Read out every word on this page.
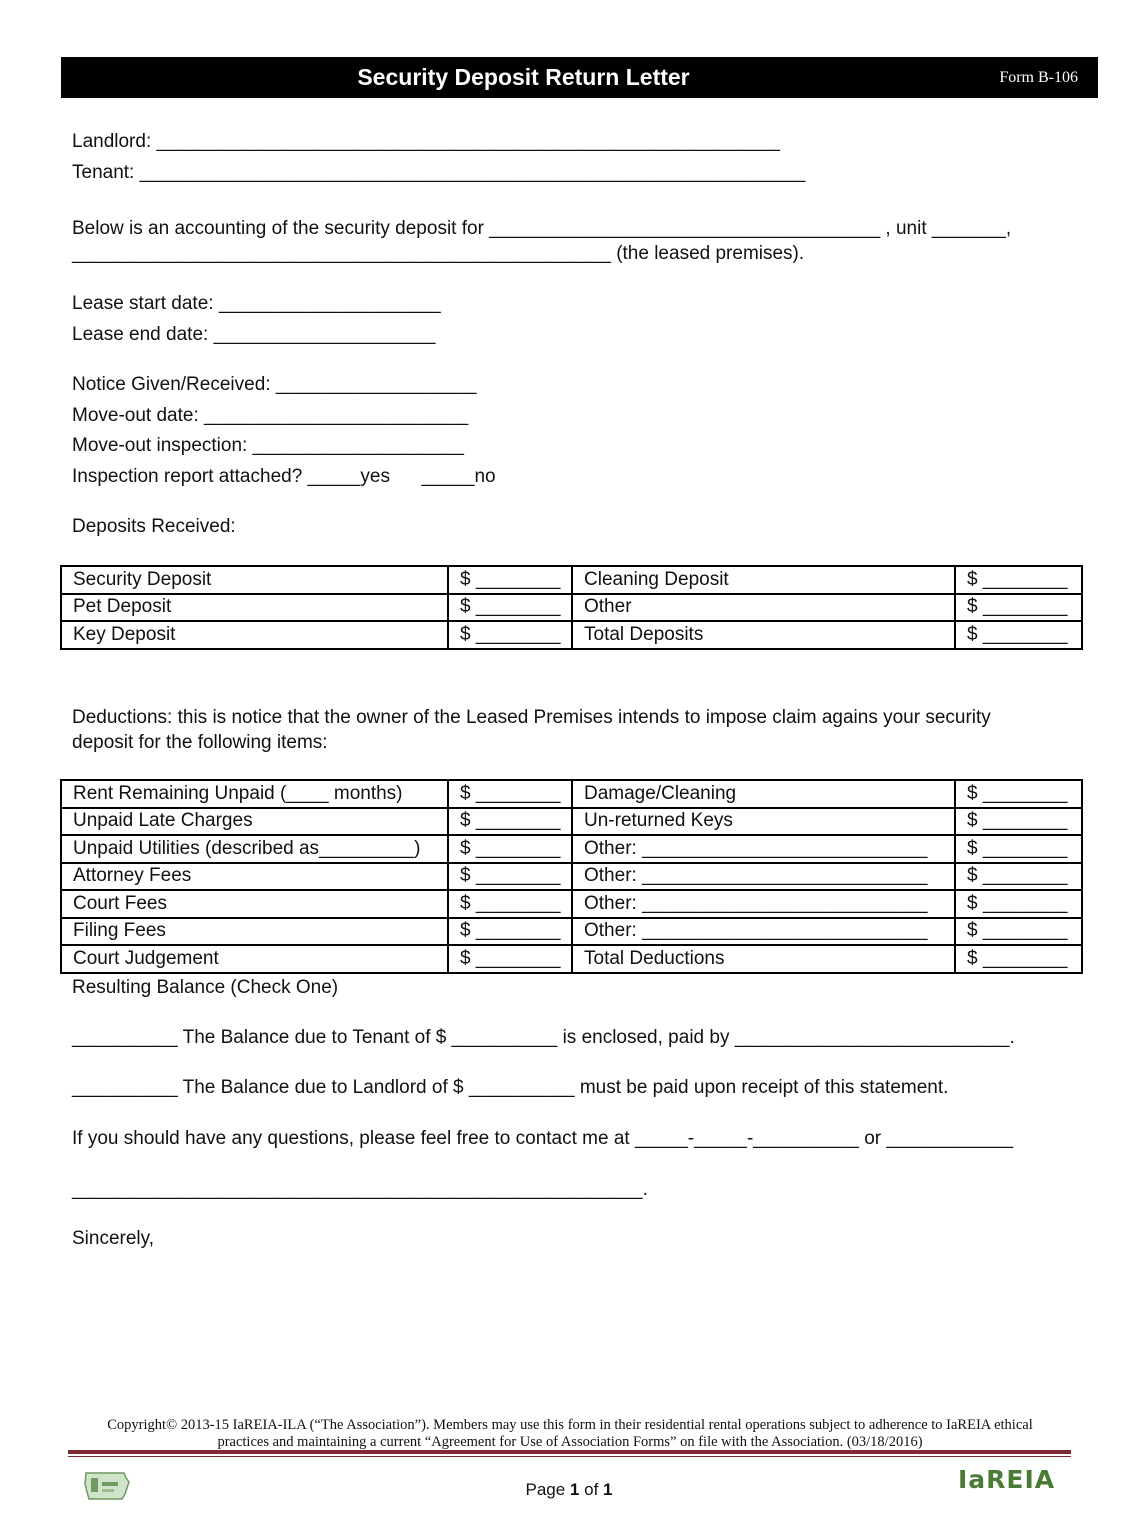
Security Deposit Return Letter	Form B-106
Landlord: ___________________________________________________________
Tenant: _______________________________________________________________
Below is an accounting of the security deposit for _____________________________________ , unit _______,
___________________________________________________ (the leased premises).
Lease start date: _____________________
Lease end date: _____________________
Notice Given/Received: ___________________
Move-out date: _________________________
Move-out inspection: ____________________
Inspection report attached? _____yes      _____no
Deposits Received:
Security Deposit	$ ________	Cleaning Deposit	$ ________
Pet Deposit	$ ________	Other	$ ________
Key Deposit	$ ________	Total Deposits	$ ________
Deductions: this is notice that the owner of the Leased Premises intends to impose claim agains your security
deposit for the following items:
Rent Remaining Unpaid (____ months)	$ ________	Damage/Cleaning	$ ________
Unpaid Late Charges	$ ________	Un-returned Keys	$ ________
Unpaid Utilities (described as_________)	$ ________	Other: ___________________________	$ ________
Attorney Fees	$ ________	Other: ___________________________	$ ________
Court Fees	$ ________	Other: ___________________________	$ ________
Filing Fees	$ ________	Other: ___________________________	$ ________
Court Judgement	$ ________	Total Deductions	$ ________
Resulting Balance (Check One)
__________ The Balance due to Tenant of $ __________ is enclosed, paid by __________________________.
__________ The Balance due to Landlord of $ __________ must be paid upon receipt of this statement.
If you should have any questions, please feel free to contact me at _____-_____-__________ or ____________
______________________________________________________.
Sincerely,
Copyright© 2013-15 IaREIA-ILA (“The Association”). Members may use this form in their residential rental operations subject to adherence to IaREIA ethical
practices and maintaining a current “Agreement for Use of Association Forms” on file with the Association. (03/18/2016)
Page 1 of 1	IaREIA
